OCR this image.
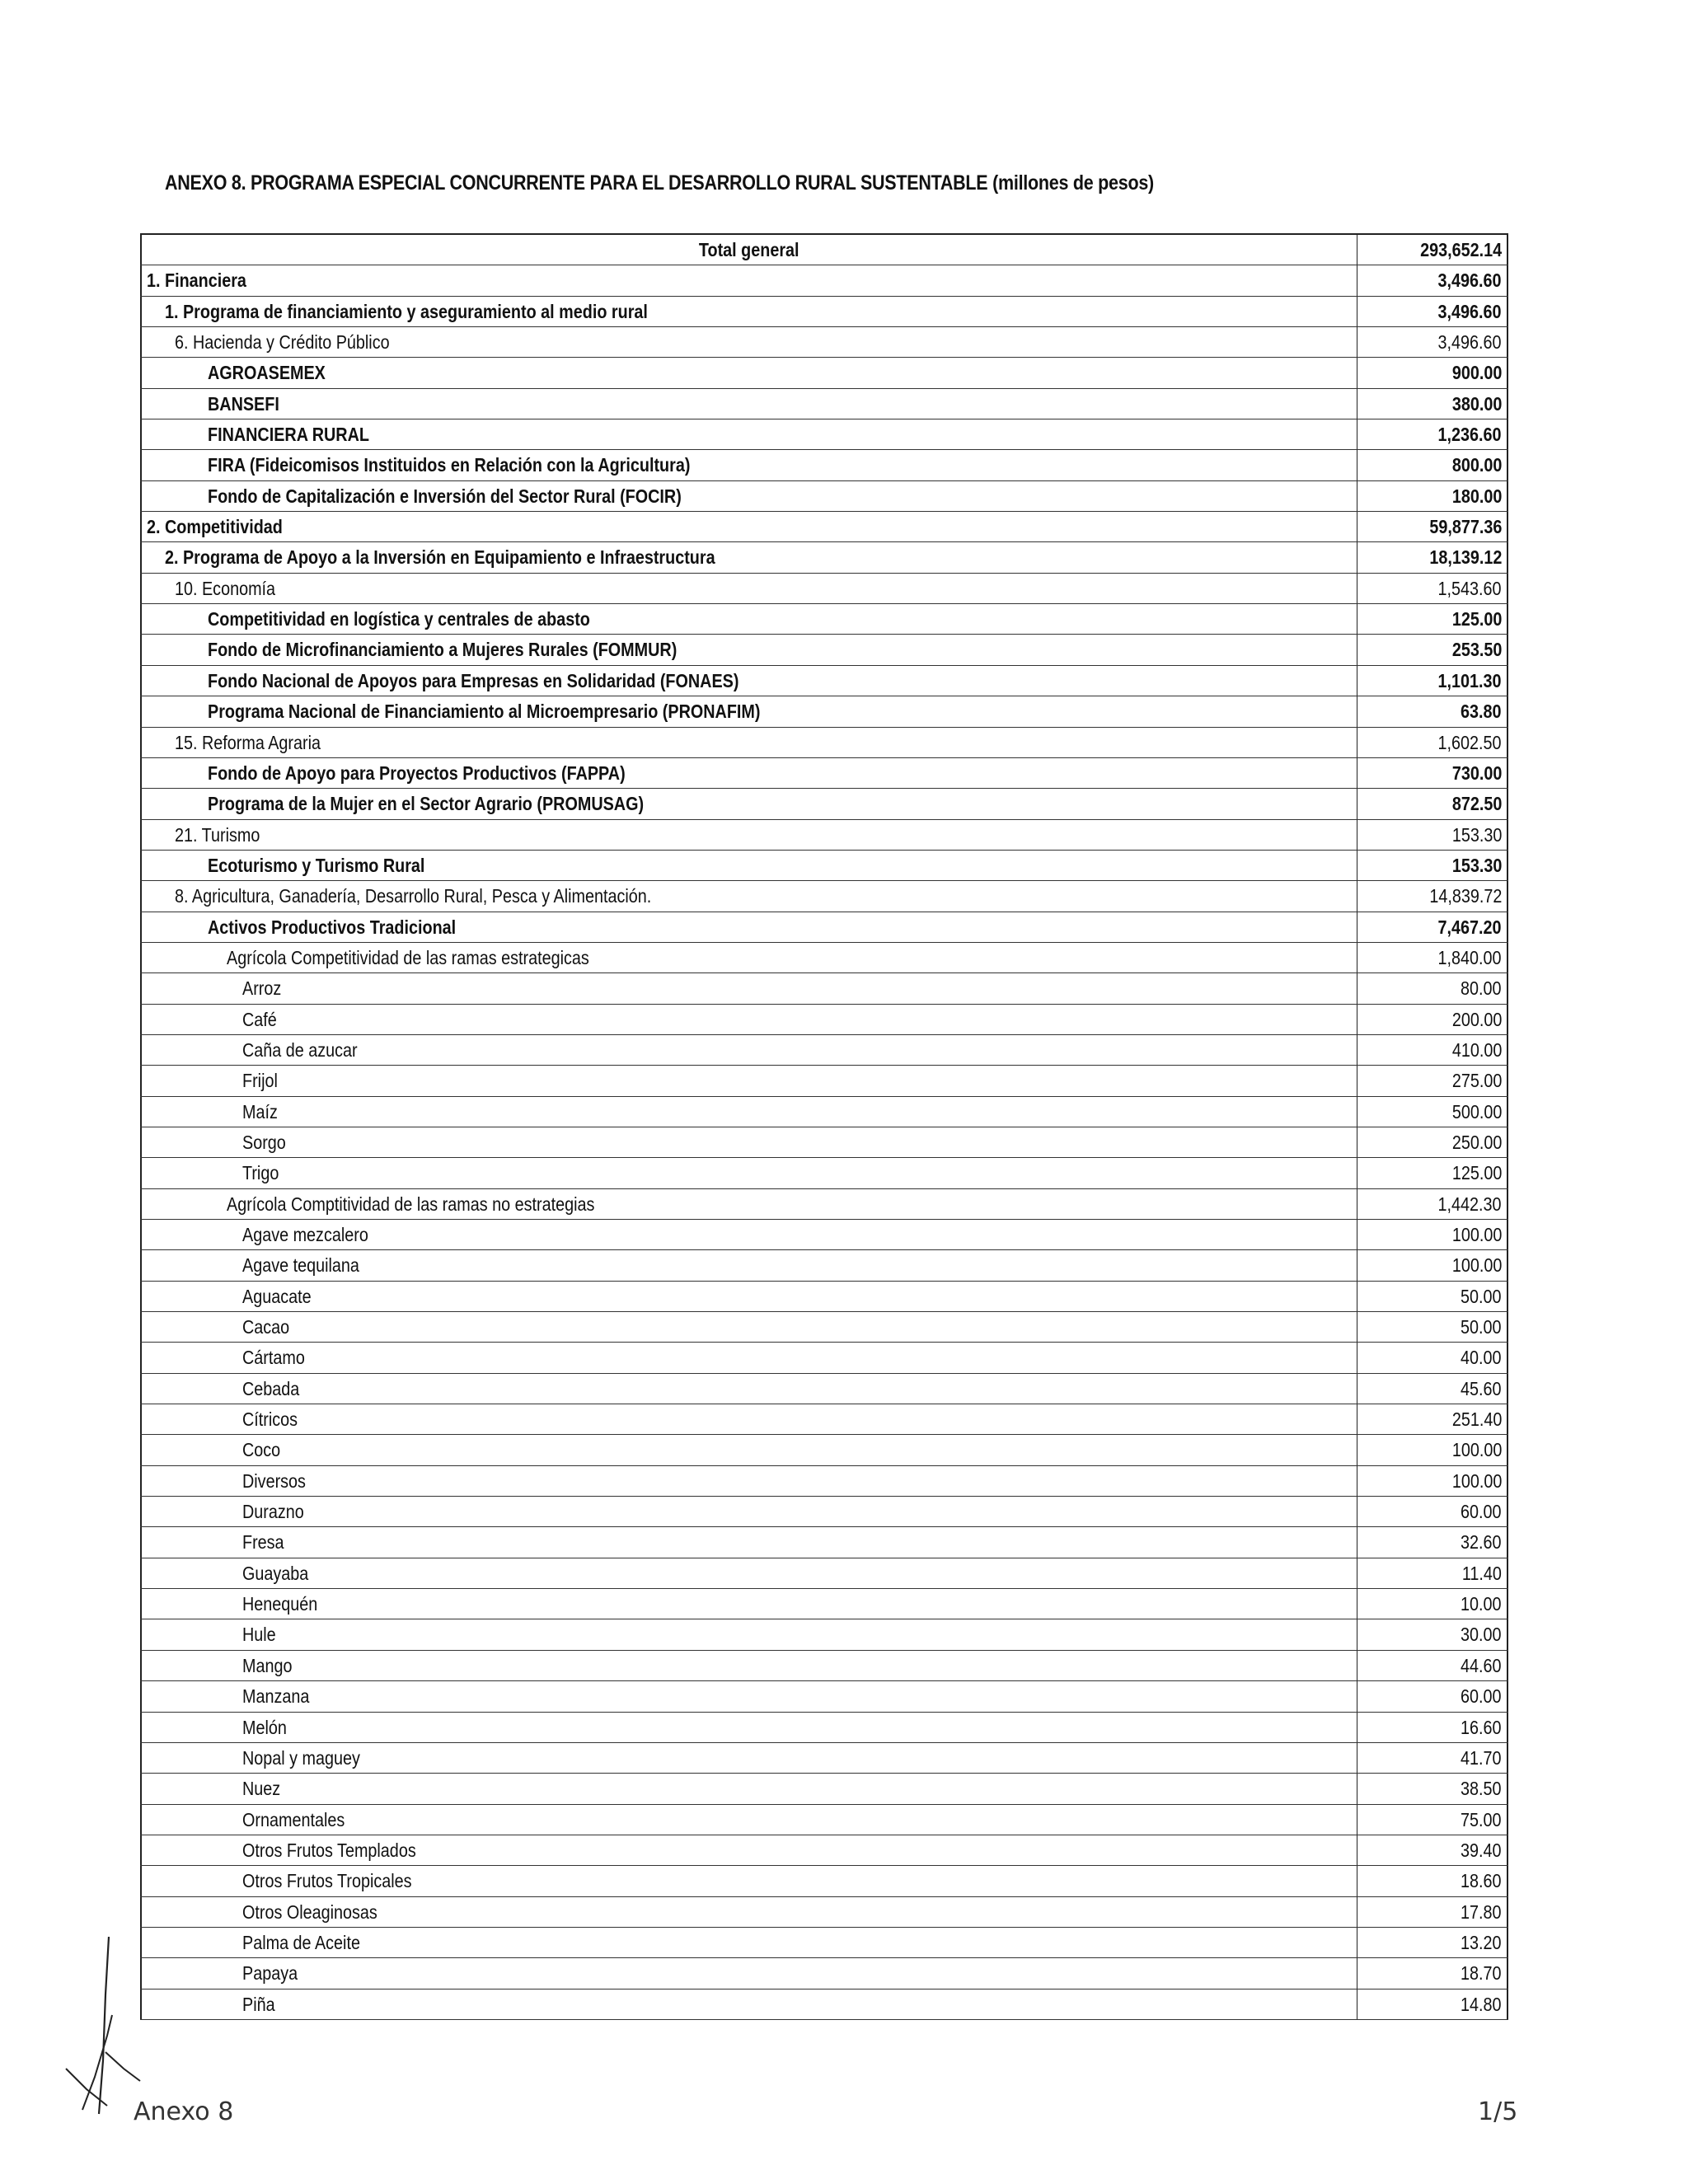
ANEXO 8. PROGRAMA ESPECIAL CONCURRENTE PARA EL DESARROLLO RURAL SUSTENTABLE (millones de pesos)
Total general	293,652.14
1. Financiera	3,496.60
1. Programa de financiamiento y aseguramiento al medio rural	3,496.60
6. Hacienda y Crédito Público	3,496.60
AGROASEMEX	900.00
BANSEFI	380.00
FINANCIERA RURAL	1,236.60
FIRA (Fideicomisos Instituidos en Relación con la Agricultura)	800.00
Fondo de Capitalización e Inversión del Sector Rural (FOCIR)	180.00
2. Competitividad	59,877.36
2. Programa de Apoyo a la Inversión en Equipamiento e Infraestructura	18,139.12
10. Economía	1,543.60
Competitividad en logística y centrales de abasto	125.00
Fondo de Microfinanciamiento a Mujeres Rurales (FOMMUR)	253.50
Fondo Nacional de Apoyos para Empresas en Solidaridad (FONAES)	1,101.30
Programa Nacional de Financiamiento al Microempresario (PRONAFIM)	63.80
15. Reforma Agraria	1,602.50
Fondo de Apoyo para Proyectos Productivos (FAPPA)	730.00
Programa de la Mujer en el Sector Agrario (PROMUSAG)	872.50
21. Turismo	153.30
Ecoturismo y Turismo Rural	153.30
8. Agricultura, Ganadería, Desarrollo Rural, Pesca y Alimentación.	14,839.72
Activos Productivos Tradicional	7,467.20
Agrícola Competitividad de las ramas estrategicas	1,840.00
Arroz	80.00
Café	200.00
Caña de azucar	410.00
Frijol	275.00
Maíz	500.00
Sorgo	250.00
Trigo	125.00
Agrícola Comptitividad de las ramas no estrategias	1,442.30
Agave mezcalero	100.00
Agave tequilana	100.00
Aguacate	50.00
Cacao	50.00
Cártamo	40.00
Cebada	45.60
Cítricos	251.40
Coco	100.00
Diversos	100.00
Durazno	60.00
Fresa	32.60
Guayaba	11.40
Henequén	10.00
Hule	30.00
Mango	44.60
Manzana	60.00
Melón	16.60
Nopal y maguey	41.70
Nuez	38.50
Ornamentales	75.00
Otros Frutos Templados	39.40
Otros Frutos Tropicales	18.60
Otros Oleaginosas	17.80
Palma de Aceite	13.20
Papaya	18.70
Piña	14.80
Anexo 8	1/5
